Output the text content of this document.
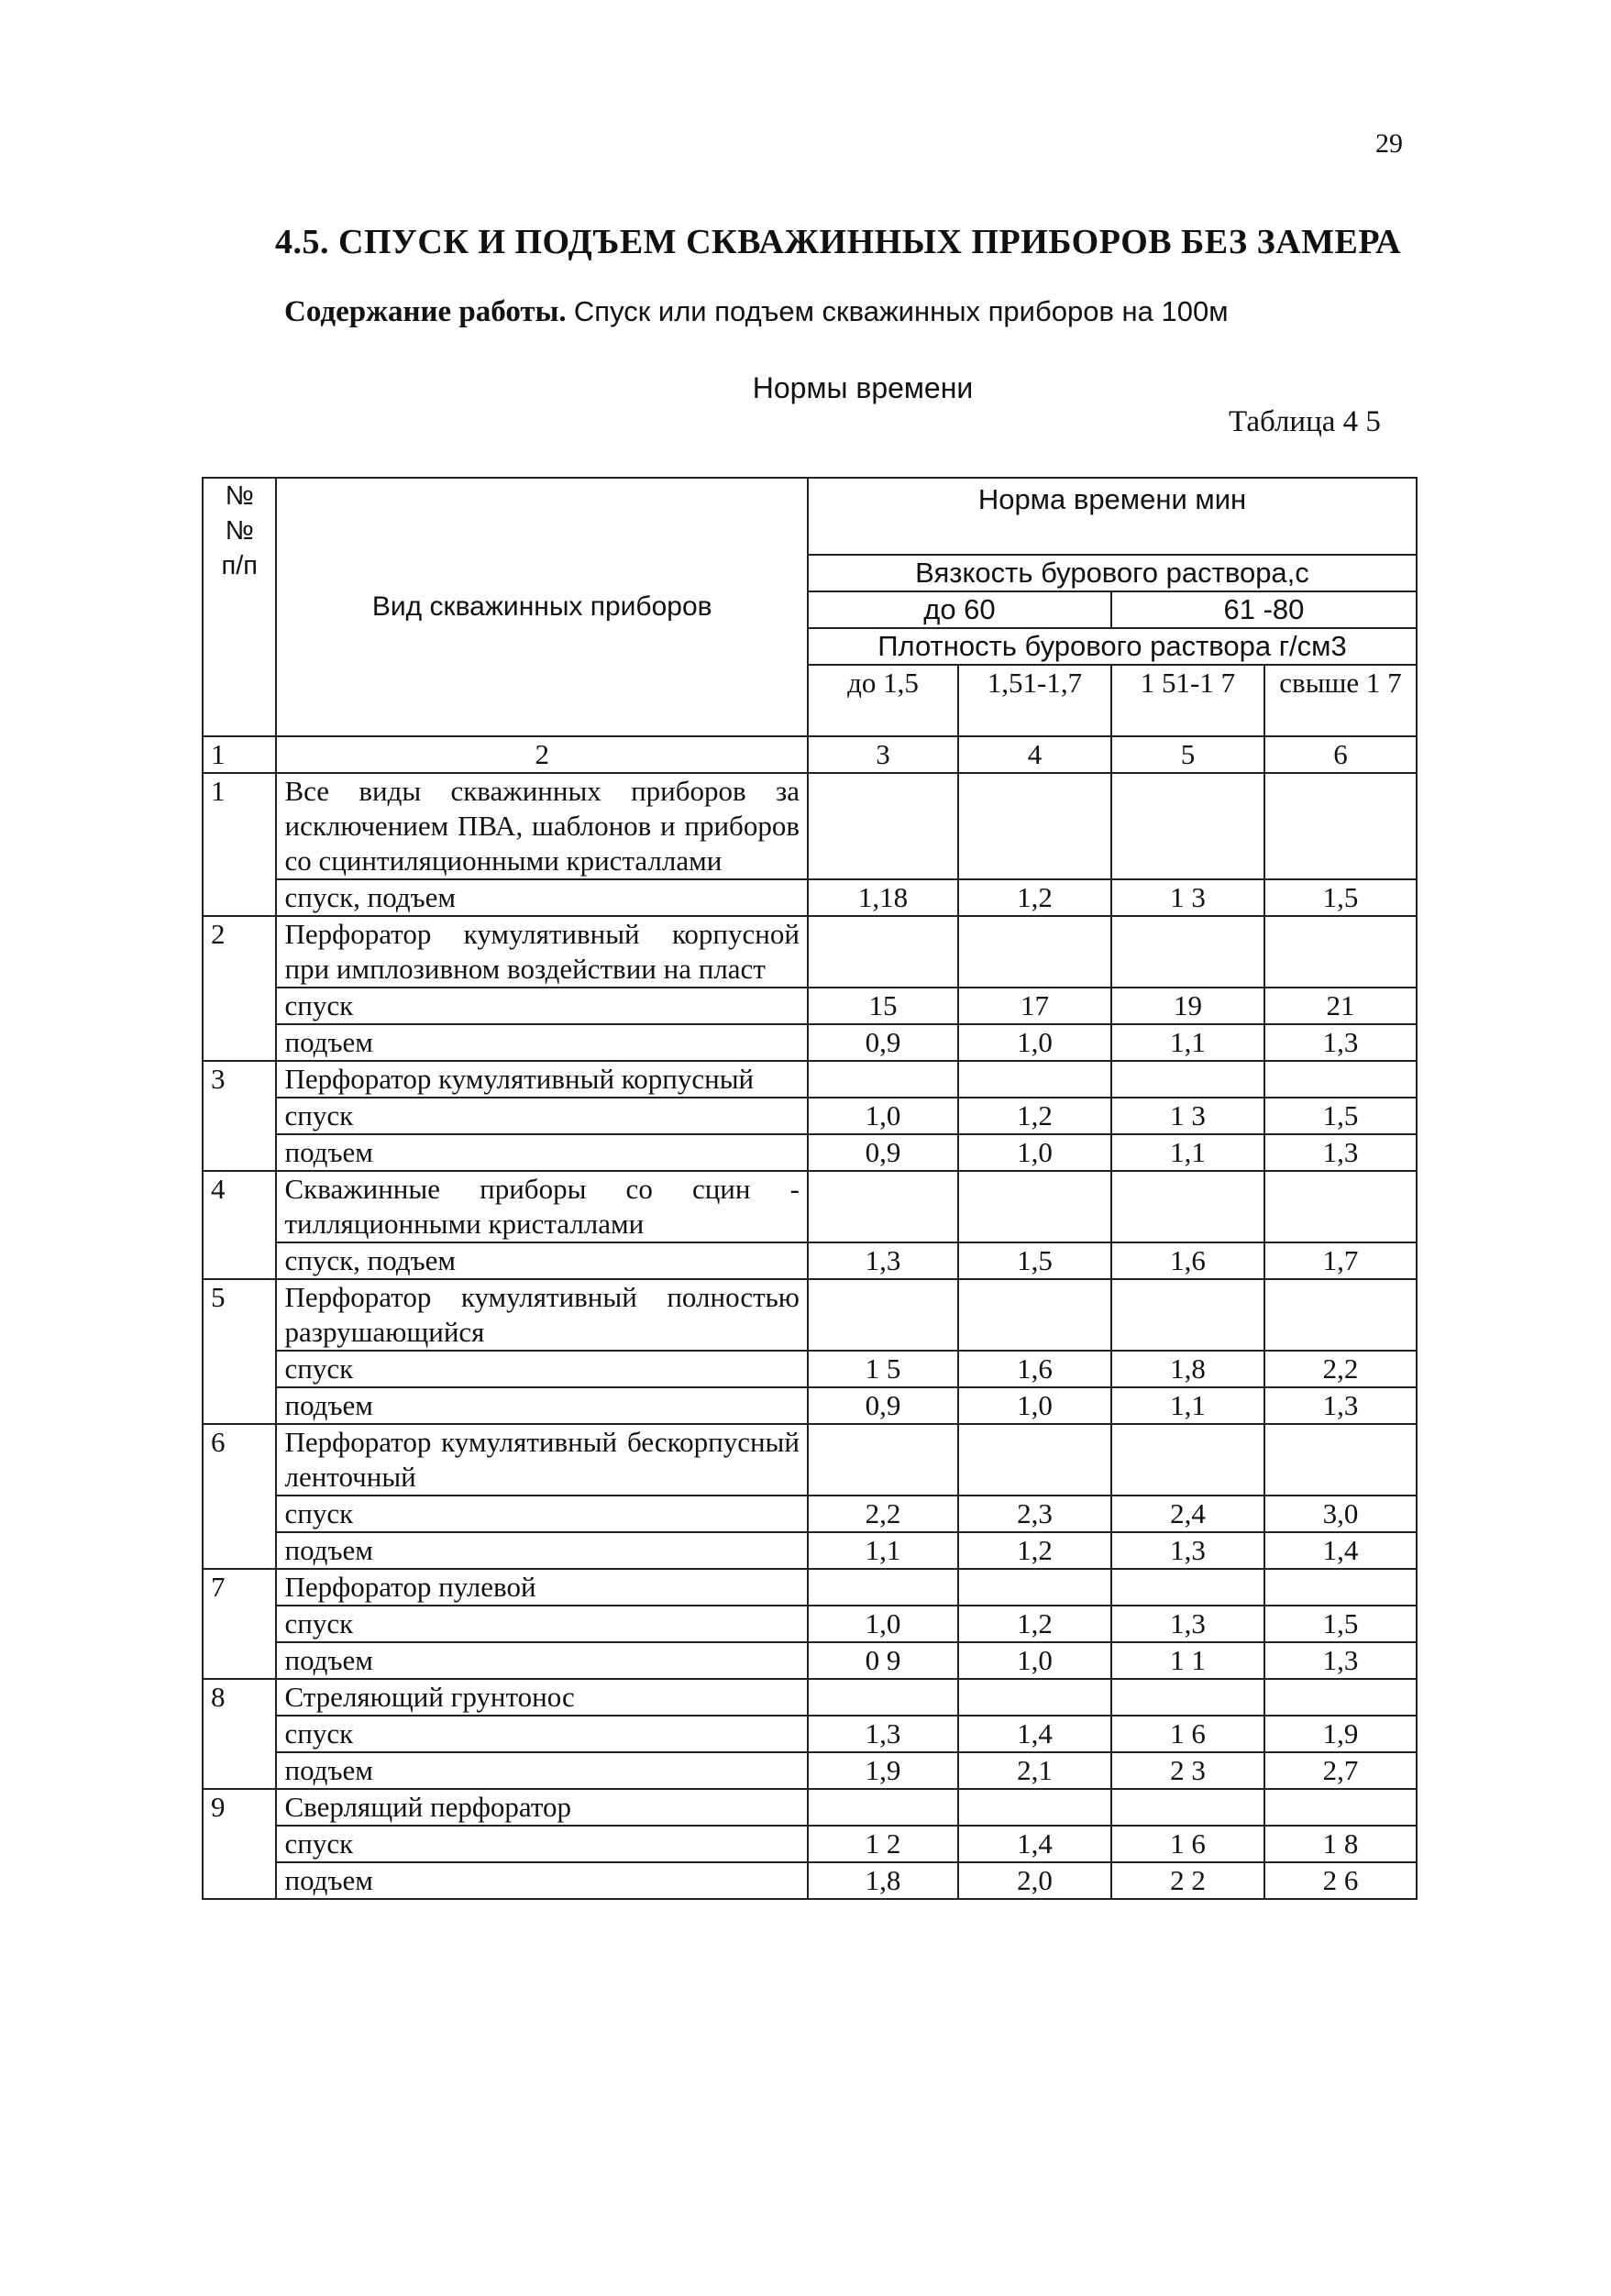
29
4.5. СПУСК И ПОДЪЕМ СКВАЖИННЫХ ПРИБОРОВ БЕЗ ЗАМЕРА
Содержание работы. Спуск или подъем скважинных приборов на 100м
Нормы времени
Таблица 4 5
№ № п/п	Вид скважинных приборов	Норма времени мин			
		Вязкость бурового раствора,с			
		до 60		61 -80	
		Плотность бурового раствора г/см3			
		до 1,5	1,51-1,7	1 51-1 7	свыше 1 7
1	2	3	4	5	6
1	Все виды скважинных приборов за исключением ПВА, шаблонов и приборов со сцинтиляционными кристаллами				
	спуск, подъем	1,18	1,2	1 3	1,5
2	Перфоратор кумулятивный корпусной при имплозивном воздействии на пласт				
	спуск	15	17	19	21
	подъем	0,9	1,0	1,1	1,3
3	Перфоратор кумулятивный корпусный				
	спуск	1,0	1,2	1 3	1,5
	подъем	0,9	1,0	1,1	1,3
4	Скважинные приборы со сцин - тилляционными кристаллами				
	спуск, подъем	1,3	1,5	1,6	1,7
5	Перфоратор кумулятивный полностью разрушающийся				
	спуск	1 5	1,6	1,8	2,2
	подъем	0,9	1,0	1,1	1,3
6	Перфоратор кумулятивный бескорпусный ленточный				
	спуск	2,2	2,3	2,4	3,0
	подъем	1,1	1,2	1,3	1,4
7	Перфоратор пулевой				
	спуск	1,0	1,2	1,3	1,5
	подъем	0 9	1,0	1 1	1,3
8	Стреляющий грунтонос				
	спуск	1,3	1,4	1 6	1,9
	подъем	1,9	2,1	2 3	2,7
9	Сверлящий перфоратор				
	спуск	1 2	1,4	1 6	1 8
	подъем	1,8	2,0	2 2	2 6
